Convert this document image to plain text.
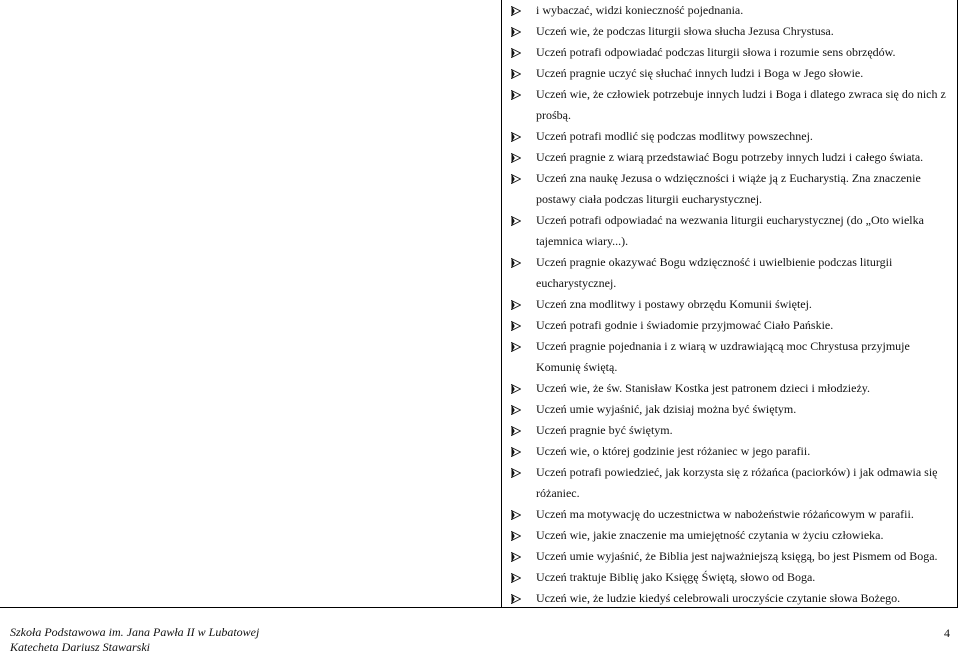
i wybaczać, widzi konieczność pojednania.
Uczeń wie, że podczas liturgii słowa słucha Jezusa Chrystusa.
Uczeń potrafi odpowiadać podczas liturgii słowa i rozumie sens obrzędów.
Uczeń pragnie uczyć się słuchać innych ludzi i Boga w Jego słowie.
Uczeń wie, że człowiek potrzebuje innych ludzi i Boga i dlatego zwraca się do nich z prośbą.
Uczeń potrafi modlić się podczas modlitwy powszechnej.
Uczeń pragnie z wiarą przedstawiać Bogu potrzeby innych ludzi i całego świata.
Uczeń zna naukę Jezusa o wdzięczności i wiąże ją z Eucharystią. Zna znaczenie postawy ciała podczas liturgii eucharystycznej.
Uczeń potrafi odpowiadać na wezwania liturgii eucharystycznej (do „Oto wielka tajemnica wiary...).
Uczeń pragnie okazywać Bogu wdzięczność i uwielbienie podczas liturgii eucharystycznej.
Uczeń zna modlitwy i postawy obrzędu Komunii świętej.
Uczeń potrafi godnie i świadomie przyjmować Ciało Pańskie.
Uczeń pragnie pojednania i z wiarą w uzdrawiającą moc Chrystusa przyjmuje Komunię świętą.
Uczeń wie, że św. Stanisław Kostka jest patronem dzieci i młodzieży.
Uczeń umie wyjaśnić, jak dzisiaj można być świętym.
Uczeń pragnie być świętym.
Uczeń wie, o której godzinie jest różaniec w jego parafii.
Uczeń potrafi powiedzieć, jak korzysta się z różańca (paciorków) i jak odmawia się różaniec.
Uczeń ma motywację do uczestnictwa w nabożeństwie różańcowym w parafii.
Uczeń wie, jakie znaczenie ma umiejętność czytania w życiu człowieka.
Uczeń umie wyjaśnić, że Biblia jest najważniejszą księgą, bo jest Pismem od Boga.
Uczeń traktuje Biblię jako Księgę Świętą, słowo od Boga.
Uczeń wie, że ludzie kiedyś celebrowali uroczyście czytanie słowa Bożego.
Szkoła Podstawowa im. Jana Pawła II w Lubatowej
Katecheta Dariusz Stawarski
4
